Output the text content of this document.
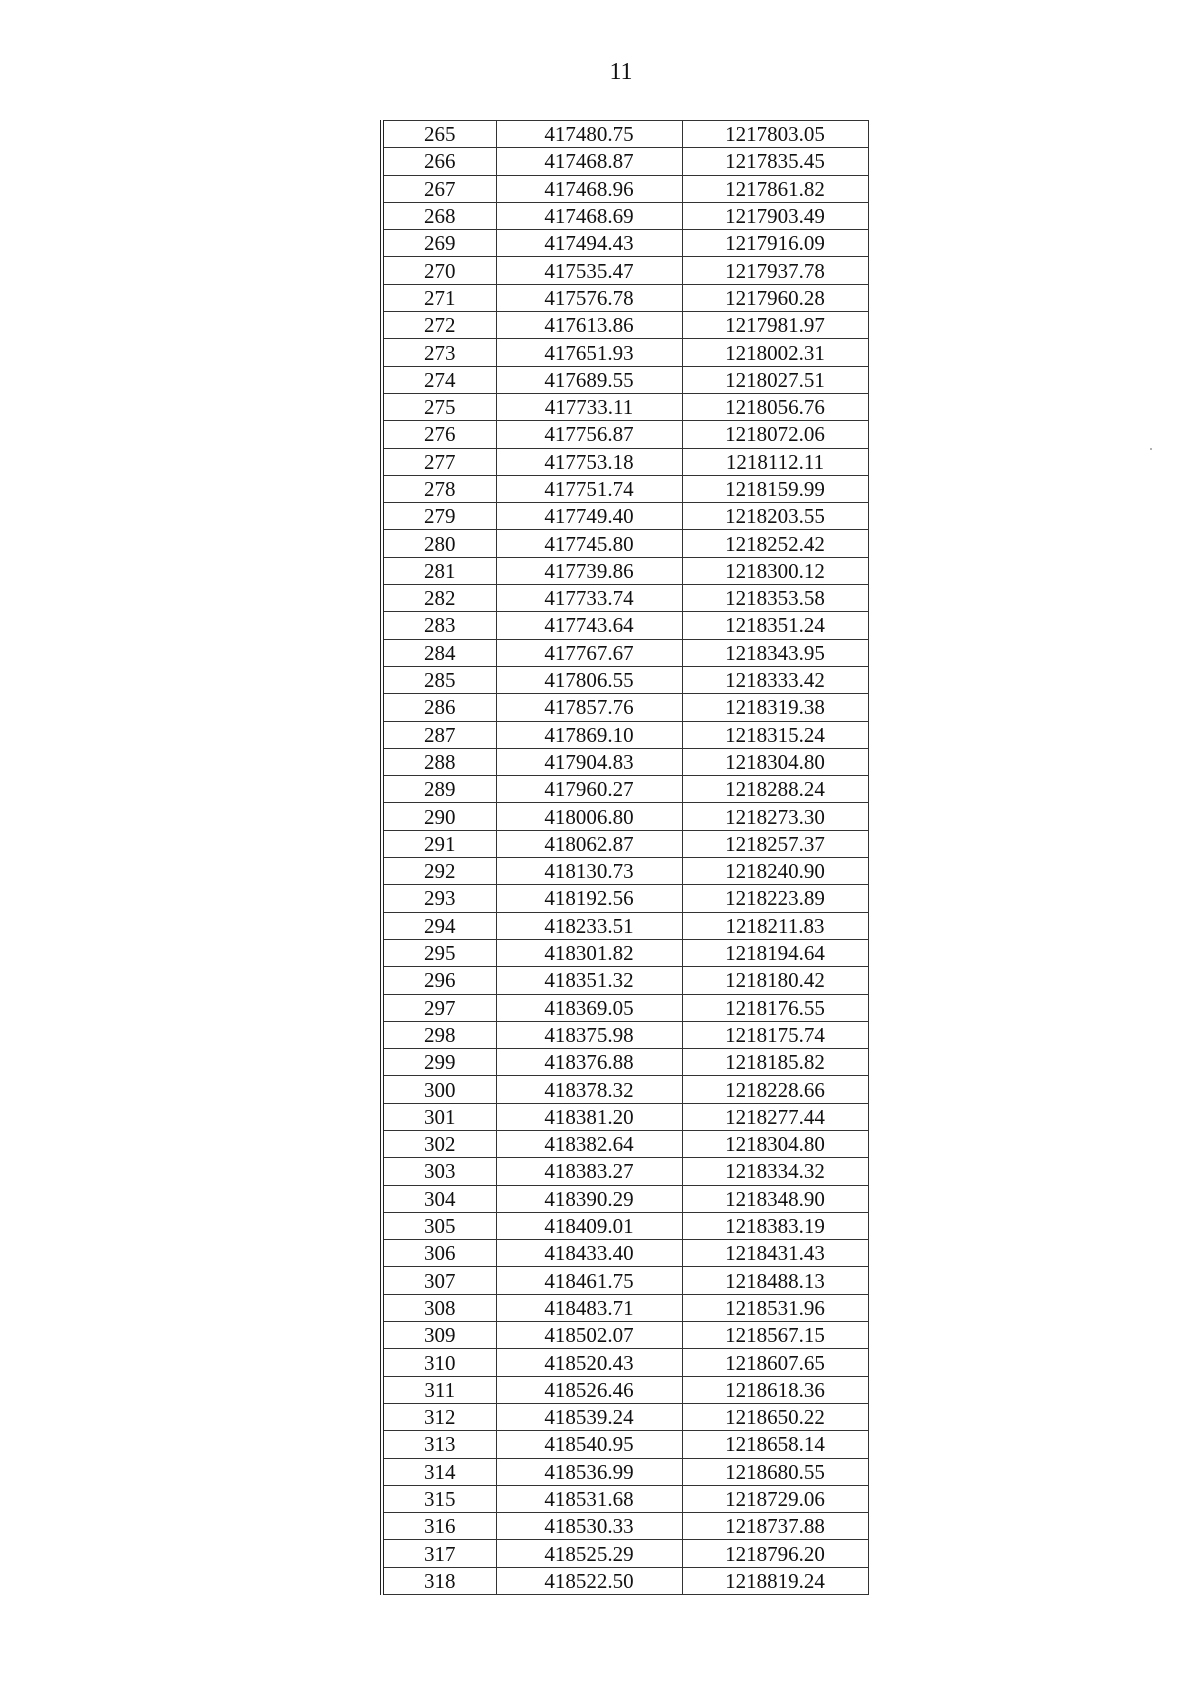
11
265	417480.75	1217803.05
266	417468.87	1217835.45
267	417468.96	1217861.82
268	417468.69	1217903.49
269	417494.43	1217916.09
270	417535.47	1217937.78
271	417576.78	1217960.28
272	417613.86	1217981.97
273	417651.93	1218002.31
274	417689.55	1218027.51
275	417733.11	1218056.76
276	417756.87	1218072.06
277	417753.18	1218112.11
278	417751.74	1218159.99
279	417749.40	1218203.55
280	417745.80	1218252.42
281	417739.86	1218300.12
282	417733.74	1218353.58
283	417743.64	1218351.24
284	417767.67	1218343.95
285	417806.55	1218333.42
286	417857.76	1218319.38
287	417869.10	1218315.24
288	417904.83	1218304.80
289	417960.27	1218288.24
290	418006.80	1218273.30
291	418062.87	1218257.37
292	418130.73	1218240.90
293	418192.56	1218223.89
294	418233.51	1218211.83
295	418301.82	1218194.64
296	418351.32	1218180.42
297	418369.05	1218176.55
298	418375.98	1218175.74
299	418376.88	1218185.82
300	418378.32	1218228.66
301	418381.20	1218277.44
302	418382.64	1218304.80
303	418383.27	1218334.32
304	418390.29	1218348.90
305	418409.01	1218383.19
306	418433.40	1218431.43
307	418461.75	1218488.13
308	418483.71	1218531.96
309	418502.07	1218567.15
310	418520.43	1218607.65
311	418526.46	1218618.36
312	418539.24	1218650.22
313	418540.95	1218658.14
314	418536.99	1218680.55
315	418531.68	1218729.06
316	418530.33	1218737.88
317	418525.29	1218796.20
318	418522.50	1218819.24
